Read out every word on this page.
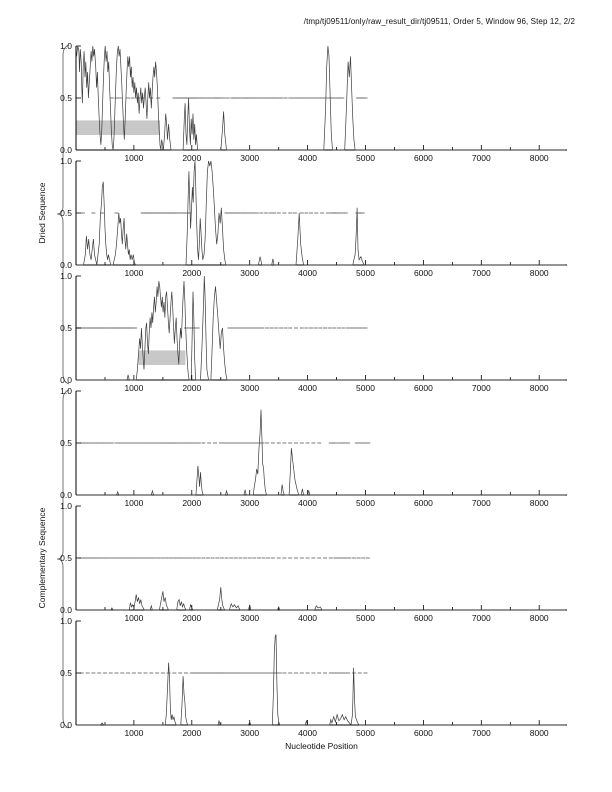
/tmp/tj09511/only/raw_result_dir/tj09511, Order 5, Window 96, Step 12, 2/2
Dried Sequence
Complementary Sequence
1000	2000	3000	4000	5000	6000	7000	8000
0.0
0.5
1.0
1000	2000	3000	4000	5000	6000	7000	8000
0.0
0.5
1.0
1000	2000	3000	4000	5000	6000	7000	8000
0.0
0.5
1.0
1000	2000	3000	4000	5000	6000	7000	8000
0.0
0.5
1.0
1000	2000	3000	4000	5000	6000	7000	8000
0.0
0.5
1.0
1000	2000	3000	4000	5000	6000	7000	8000
0.0
0.5
1.0
Nucleotide Position
